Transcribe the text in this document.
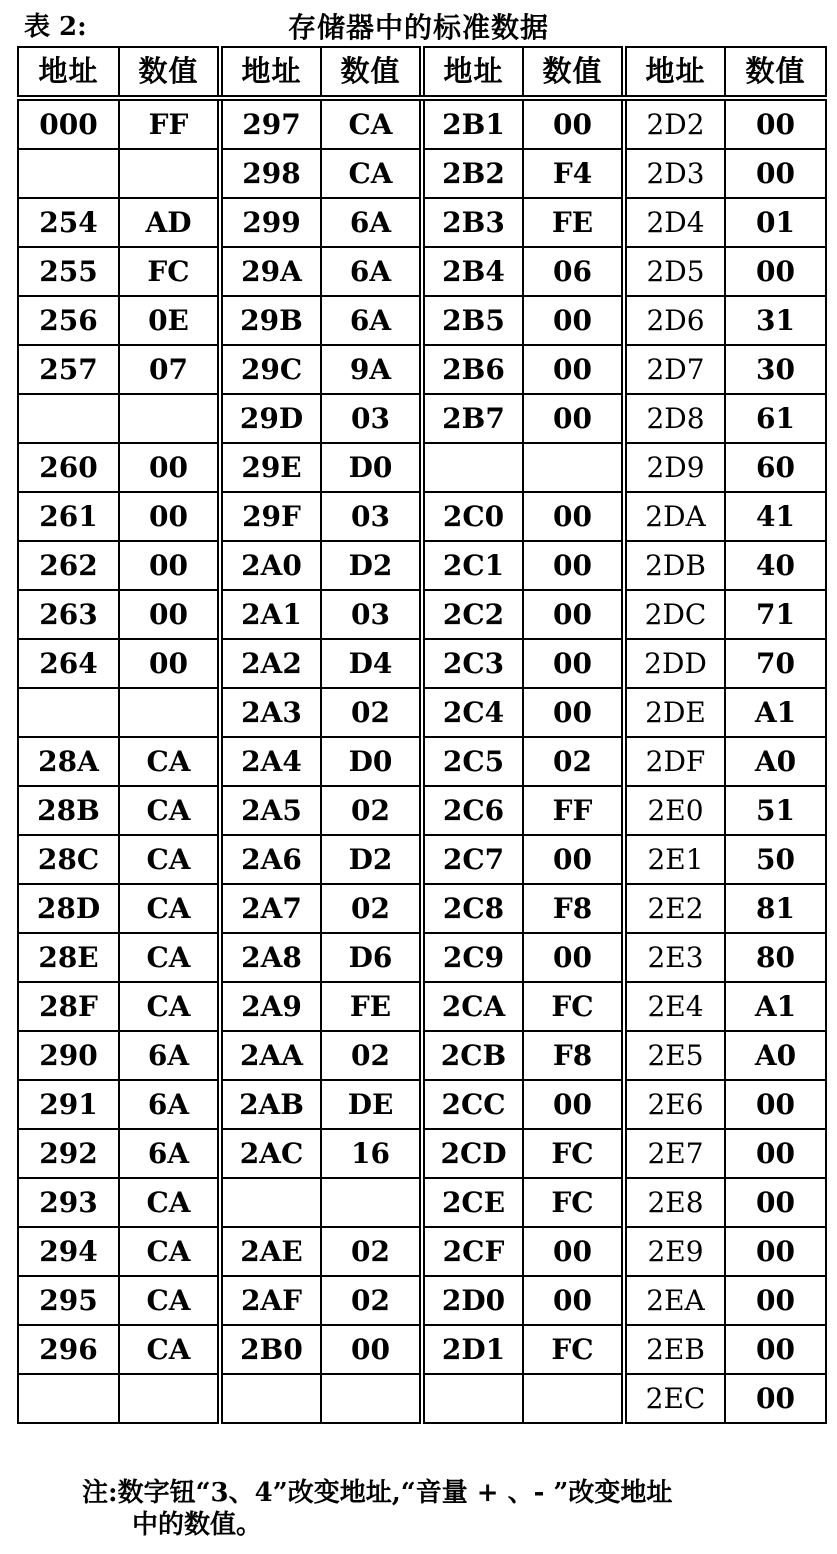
表 2:	存储器中的标准数据
地址	数值	地址	数值	地址	数值	地址	数值
000	FF	297	CA	2B1	00	2D2	00
		298	CA	2B2	F4	2D3	00
254	AD	299	6A	2B3	FE	2D4	01
255	FC	29A	6A	2B4	06	2D5	00
256	0E	29B	6A	2B5	00	2D6	31
257	07	29C	9A	2B6	00	2D7	30
		29D	03	2B7	00	2D8	61
260	00	29E	D0			2D9	60
261	00	29F	03	2C0	00	2DA	41
262	00	2A0	D2	2C1	00	2DB	40
263	00	2A1	03	2C2	00	2DC	71
264	00	2A2	D4	2C3	00	2DD	70
		2A3	02	2C4	00	2DE	A1
28A	CA	2A4	D0	2C5	02	2DF	A0
28B	CA	2A5	02	2C6	FF	2E0	51
28C	CA	2A6	D2	2C7	00	2E1	50
28D	CA	2A7	02	2C8	F8	2E2	81
28E	CA	2A8	D6	2C9	00	2E3	80
28F	CA	2A9	FE	2CA	FC	2E4	A1
290	6A	2AA	02	2CB	F8	2E5	A0
291	6A	2AB	DE	2CC	00	2E6	00
292	6A	2AC	16	2CD	FC	2E7	00
293	CA			2CE	FC	2E8	00
294	CA	2AE	02	2CF	00	2E9	00
295	CA	2AF	02	2D0	00	2EA	00
296	CA	2B0	00	2D1	FC	2EB	00
						2EC	00
注:数字钮“3、4”改变地址,“音量 + 、- ”改变地址
中的数值。
